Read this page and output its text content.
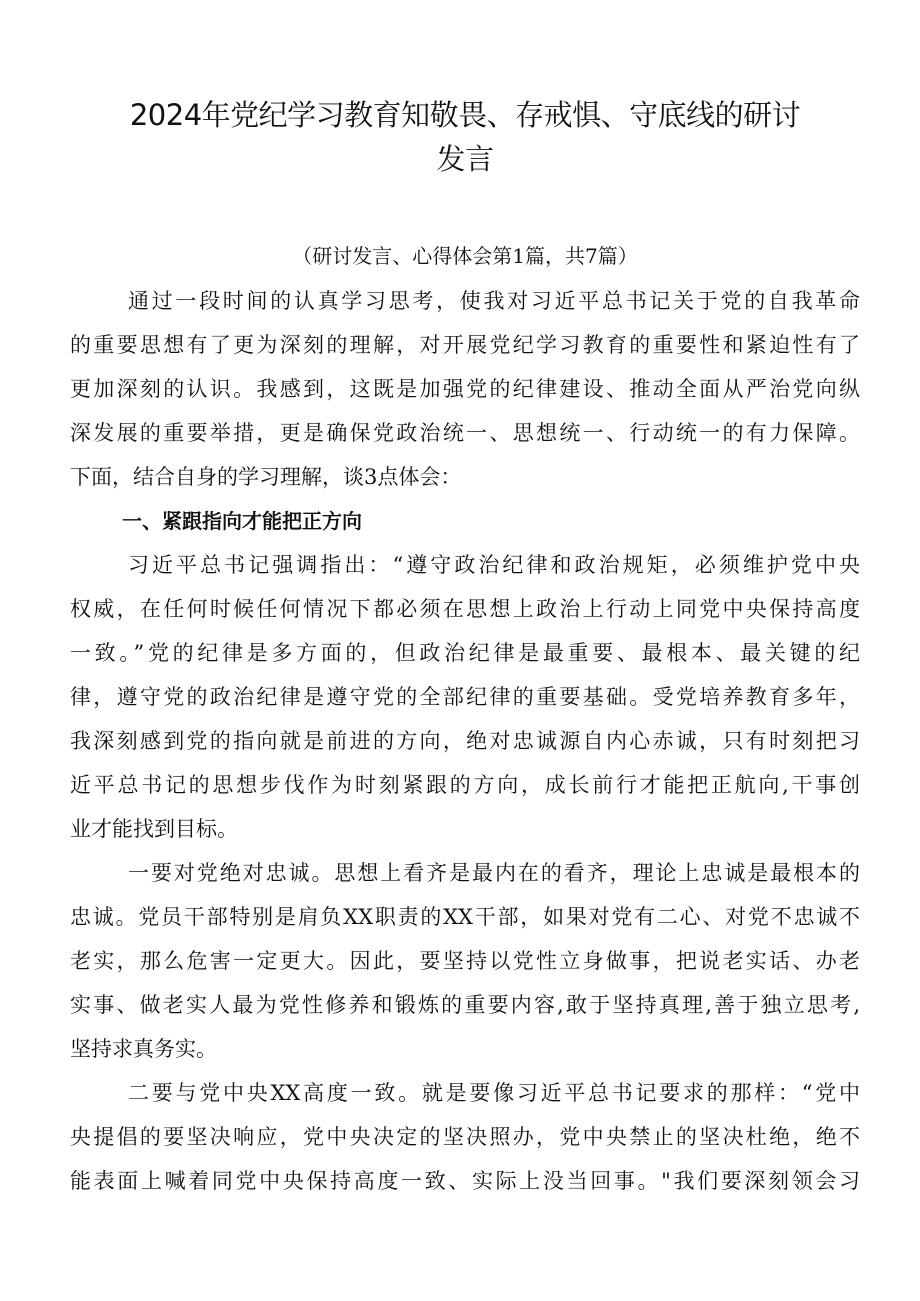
2024年党纪学习教育知敬畏、存戒惧、守底线的研讨
发言

（研讨发言、心得体会第1篇，共7篇）

通过一段时间的认真学习思考，使我对习近平总书记关于党的自我革命

的重要思想有了更为深刻的理解，对开展党纪学习教育的重要性和紧迫性有了

更加深刻的认识。我感到，这既是加强党的纪律建设、推动全面从严治党向纵

深发展的重要举措，更是确保党政治统一、思想统一、行动统一的有力保障。

下面，结合自身的学习理解，谈3点体会：

一、紧跟指向才能把正方向

习近平总书记强调指出：“遵守政治纪律和政治规矩，必须维护党中央

权威，在任何时候任何情况下都必须在思想上政治上行动上同党中央保持高度

一致。”党的纪律是多方面的，但政治纪律是最重要、最根本、最关键的纪

律，遵守党的政治纪律是遵守党的全部纪律的重要基础。受党培养教育多年，

我深刻感到党的指向就是前进的方向，绝对忠诚源自内心赤诚，只有时刻把习

近平总书记的思想步伐作为时刻紧跟的方向，成长前行才能把正航向,干事创

业才能找到目标。

一要对党绝对忠诚。思想上看齐是最内在的看齐，理论上忠诚是最根本的

忠诚。党员干部特别是肩负XX职责的XX干部，如果对党有二心、对党不忠诚不

老实，那么危害一定更大。因此，要坚持以党性立身做事，把说老实话、办老

实事、做老实人最为党性修养和锻炼的重要内容,敢于坚持真理,善于独立思考,

坚持求真务实。

二要与党中央XX高度一致。就是要像习近平总书记要求的那样：“党中

央提倡的要坚决响应，党中央决定的坚决照办，党中央禁止的坚决杜绝，绝不

能表面上喊着同党中央保持高度一致、实际上没当回事。"我们要深刻领会习
